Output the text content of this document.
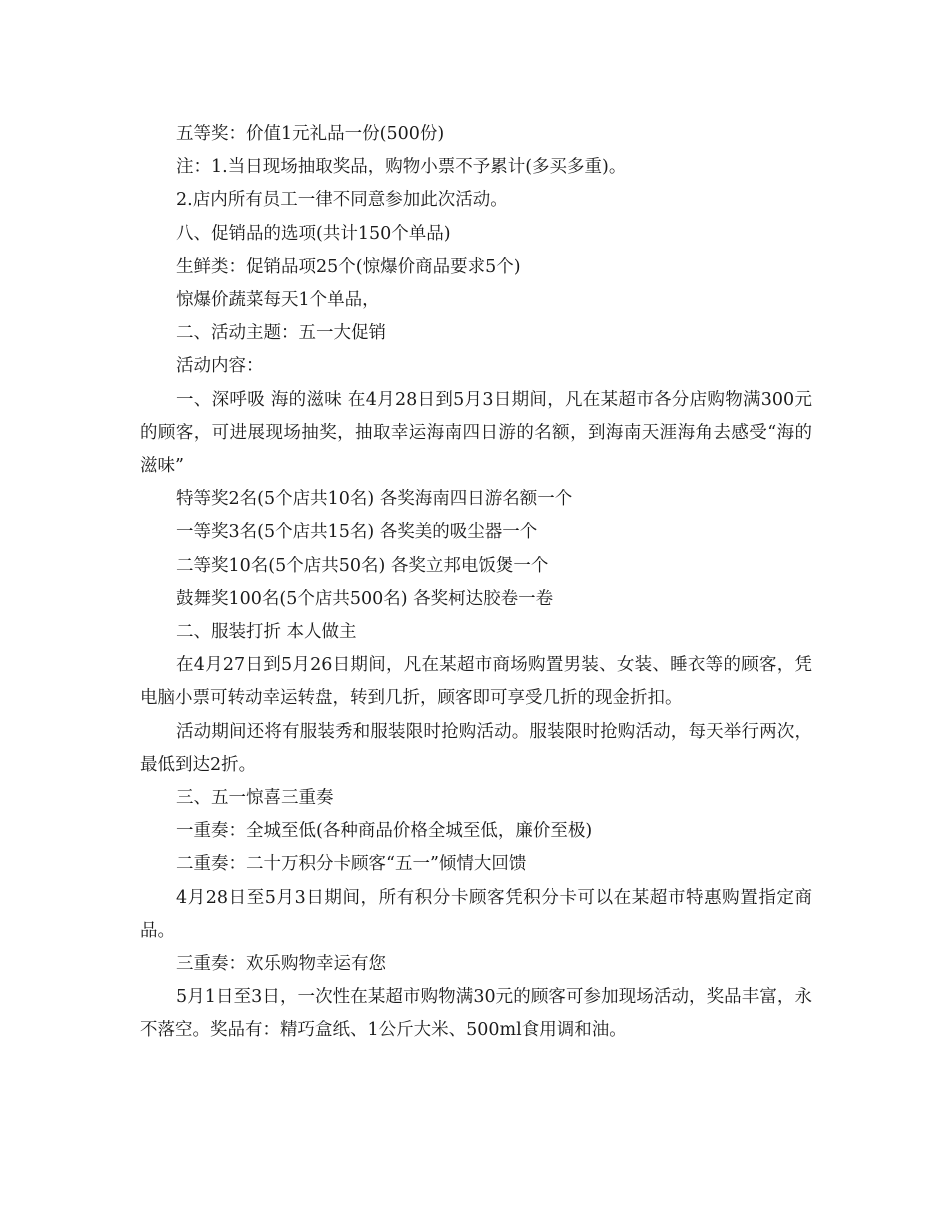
五等奖：价值1元礼品一份(500份)

注：1.当日现场抽取奖品，购物小票不予累计(多买多重)。

2.店内所有员工一律不同意参加此次活动。

八、促销品的选项(共计150个单品)

生鲜类：促销品项25个(惊爆价商品要求5个)

惊爆价蔬菜每天1个单品，

二、活动主题：五一大促销

活动内容：

一、深呼吸 海的滋味 在4月28日到5月3日期间，凡在某超市各分店购物满300元的顾客，可进展现场抽奖，抽取幸运海南四日游的名额，到海南天涯海角去感受“海的滋味”

特等奖2名(5个店共10名) 各奖海南四日游名额一个

一等奖3名(5个店共15名) 各奖美的吸尘器一个

二等奖10名(5个店共50名) 各奖立邦电饭煲一个

鼓舞奖100名(5个店共500名) 各奖柯达胶卷一卷

二、服装打折 本人做主

在4月27日到5月26日期间，凡在某超市商场购置男装、女装、睡衣等的顾客，凭电脑小票可转动幸运转盘，转到几折，顾客即可享受几折的现金折扣。

活动期间还将有服装秀和服装限时抢购活动。服装限时抢购活动，每天举行两次，最低到达2折。

三、五一惊喜三重奏

一重奏：全城至低(各种商品价格全城至低，廉价至极)

二重奏：二十万积分卡顾客“五一”倾情大回馈

4月28日至5月3日期间，所有积分卡顾客凭积分卡可以在某超市特惠购置指定商品。

三重奏：欢乐购物幸运有您

5月1日至3日，一次性在某超市购物满30元的顾客可参加现场活动，奖品丰富，永不落空。奖品有：精巧盒纸、1公斤大米、500ml食用调和油。
